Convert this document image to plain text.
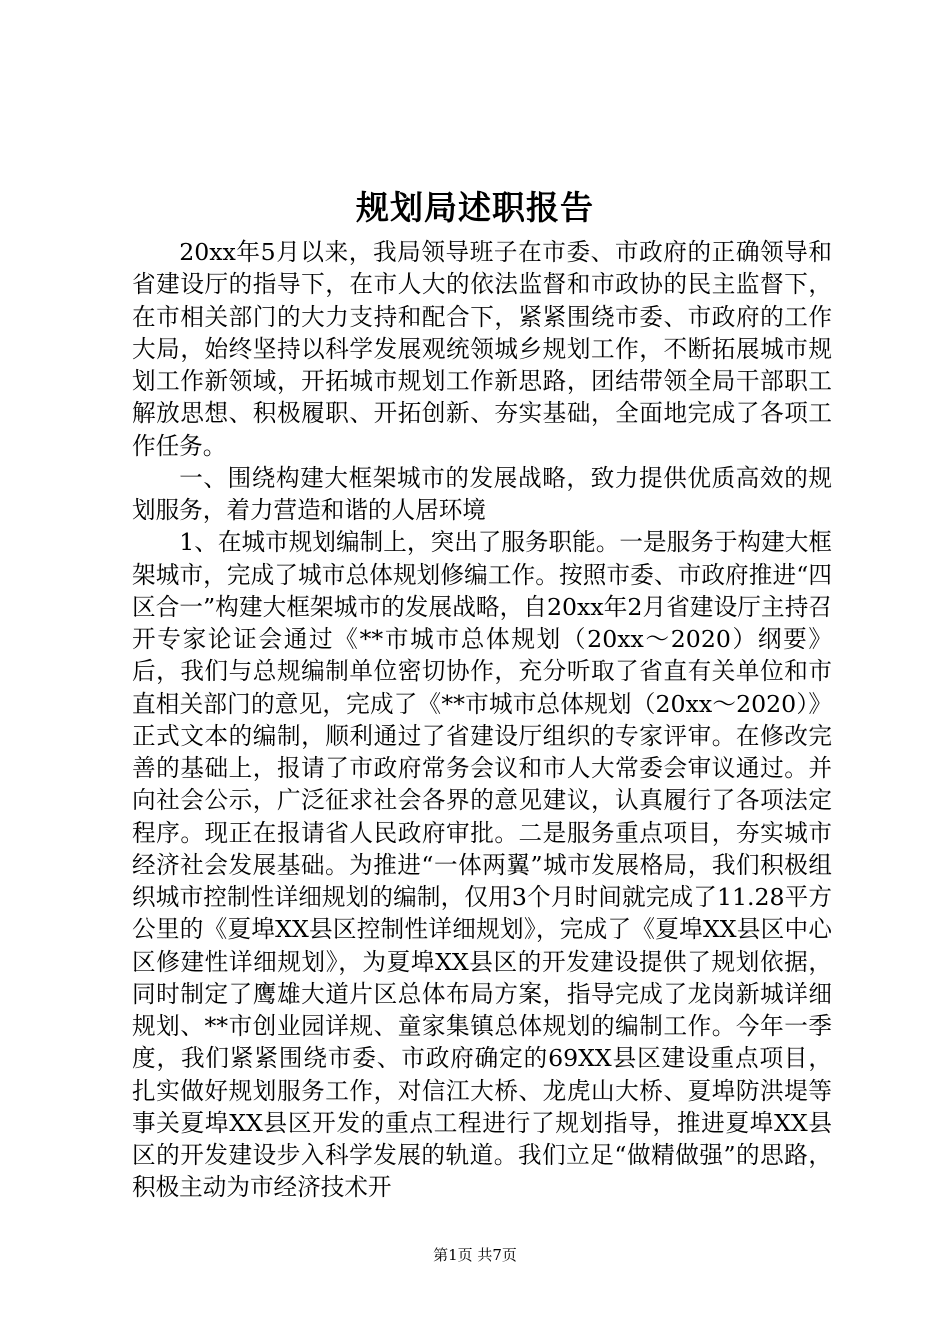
规划局述职报告

20xx年5月以来，我局领导班子在市委、市政府的正确领导和省建设厅的指导下，在市人大的依法监督和市政协的民主监督下，在市相关部门的大力支持和配合下，紧紧围绕市委、市政府的工作大局，始终坚持以科学发展观统领城乡规划工作，不断拓展城市规划工作新领域，开拓城市规划工作新思路，团结带领全局干部职工解放思想、积极履职、开拓创新、夯实基础，全面地完成了各项工作任务。

一、围绕构建大框架城市的发展战略，致力提供优质高效的规划服务，着力营造和谐的人居环境

1、在城市规划编制上，突出了服务职能。一是服务于构建大框架城市，完成了城市总体规划修编工作。按照市委、市政府推进“四区合一”构建大框架城市的发展战略，自20xx年2月省建设厅主持召开专家论证会通过《**市城市总体规划（20xx～2020）纲要》后，我们与总规编制单位密切协作，充分听取了省直有关单位和市直相关部门的意见，完成了《**市城市总体规划（20xx～2020）》正式文本的编制，顺利通过了省建设厅组织的专家评审。在修改完善的基础上，报请了市政府常务会议和市人大常委会审议通过。并向社会公示，广泛征求社会各界的意见建议，认真履行了各项法定程序。现正在报请省人民政府审批。二是服务重点项目，夯实城市经济社会发展基础。为推进“一体两翼”城市发展格局，我们积极组织城市控制性详细规划的编制，仅用3个月时间就完成了11.28平方公里的《夏埠XX县区控制性详细规划》，完成了《夏埠XX县区中心区修建性详细规划》，为夏埠XX县区的开发建设提供了规划依据，同时制定了鹰雄大道片区总体布局方案，指导完成了龙岗新城详细规划、**市创业园详规、童家集镇总体规划的编制工作。今年一季度，我们紧紧围绕市委、市政府确定的69XX县区建设重点项目，扎实做好规划服务工作，对信江大桥、龙虎山大桥、夏埠防洪堤等事关夏埠XX县区开发的重点工程进行了规划指导，推进夏埠XX县区的开发建设步入科学发展的轨道。我们立足“做精做强”的思路，积极主动为市经济技术开

第1页 共7页
